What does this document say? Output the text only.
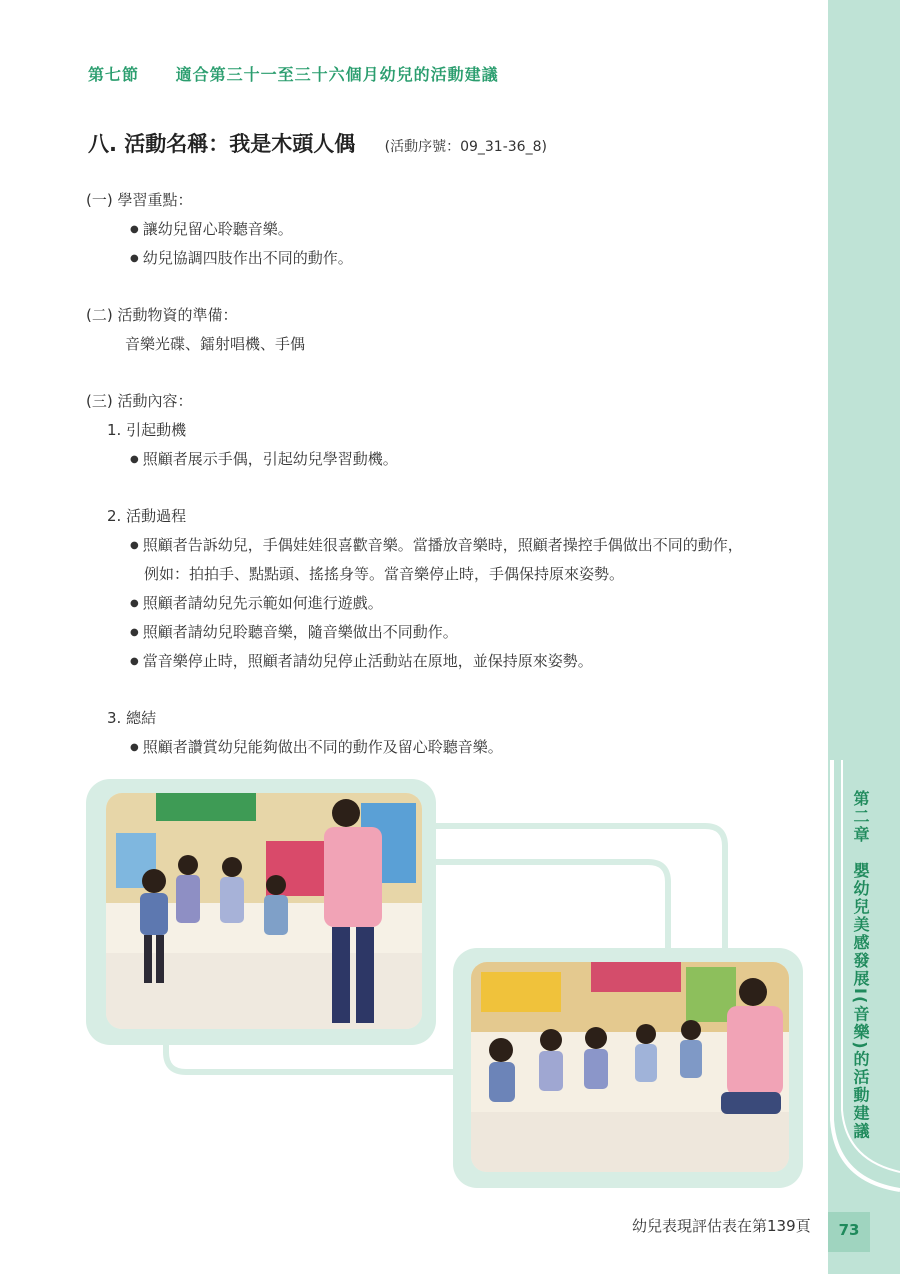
第七節 適合第三十一至三十六個月幼兒的活動建議
八. 活動名稱：我是木頭人偶 (活動序號：09_31-36_8)
(一) 學習重點：
● 讓幼兒留心聆聽音樂。
● 幼兒協調四肢作出不同的動作。
(二) 活動物資的準備：
音樂光碟、鐳射唱機、手偶
(三) 活動內容：
1. 引起動機
● 照顧者展示手偶，引起幼兒學習動機。
2. 活動過程
● 照顧者告訴幼兒，手偶娃娃很喜歡音樂。當播放音樂時，照顧者操控手偶做出不同的動作，
例如：拍拍手、點點頭、搖搖身等。當音樂停止時，手偶保持原來姿勢。
● 照顧者請幼兒先示範如何進行遊戲。
● 照顧者請幼兒聆聽音樂，隨音樂做出不同動作。
● 當音樂停止時，照顧者請幼兒停止活動站在原地，並保持原來姿勢。
3. 總結
● 照顧者讚賞幼兒能夠做出不同的動作及留心聆聽音樂。
第二章　嬰幼兒美感發展I(音樂)的活動建議
幼兒表現評估表在第139頁	73
